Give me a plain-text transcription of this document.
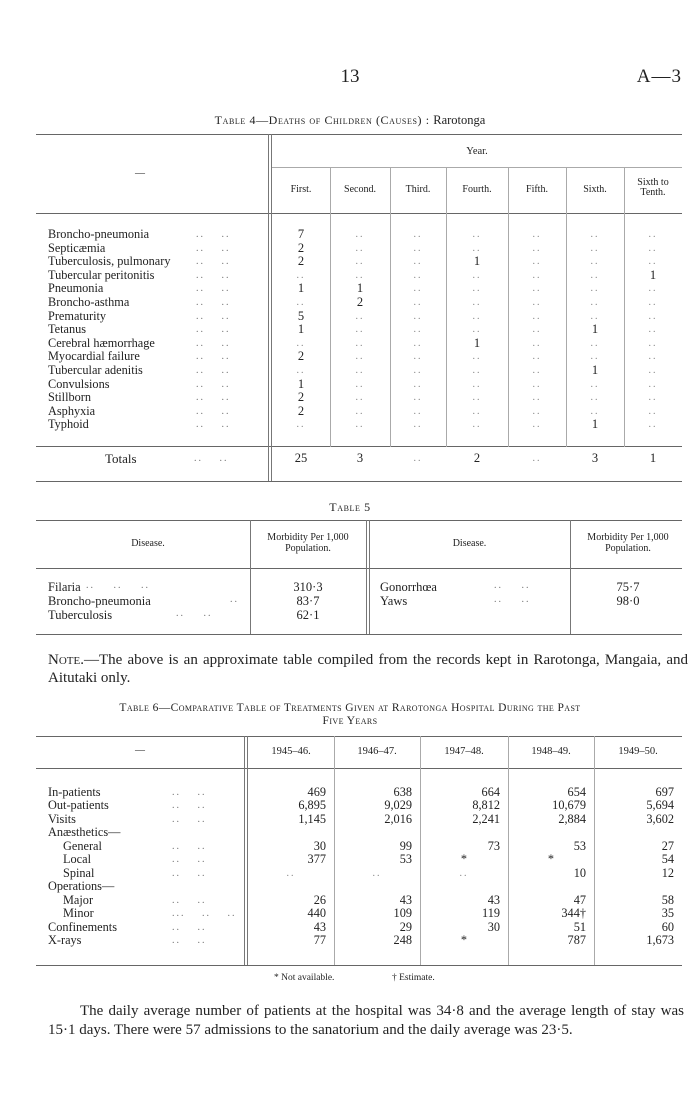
13	A—3
Table 4—Deaths of Children (Causes) : Rarotonga
Year.
—
First.	Second.	Third.	Fourth.	Fifth.	Sixth.
Sixth to Tenth.
Broncho-pneumonia	.. ..	7	..	..	..	..	..	..
Septicæmia	.. ..	2	..	..	..	..	..	..
Tuberculosis, pulmonary	.. ..	2	..	..	1	..	..	..
Tubercular peritonitis	.. ..	..	..	..	..	..	..	1
Pneumonia	.. ..	1	1	..	..	..	..	..
Broncho-asthma	.. ..	..	2	..	..	..	..	..
Prematurity	.. ..	5	..	..	..	..	..	..
Tetanus	.. ..	1	..	..	..	..	1	..
Cerebral hæmorrhage	.. ..	..	..	..	1	..	..	..
Myocardial failure	.. ..	2	..	..	..	..	..	..
Tubercular adenitis	.. ..	..	..	..	..	..	1	..
Convulsions	.. ..	1	..	..	..	..	..	..
Stillborn	.. ..	2	..	..	..	..	..	..
Asphyxia	.. ..	2	..	..	..	..	..	..
Typhoid	.. ..	..	..	..	..	..	1	..
Totals	.. ..	25	3	..	2	..	3	1
Table 5
Disease.
Morbidity Per 1,000 Population.	Disease.
Morbidity Per 1,000 Population.
Filaria .. .. ..	310·3
Broncho-pneumonia	..	83·7
Tuberculosis	.. ..	62·1
Gonorrhœa	.. ..	75·7
Yaws	.. ..	98·0
Note.—The above is an approximate table compiled from the records kept in Rarotonga, Mangaia, and Aitutaki only.
Table 6—Comparative Table of Treatments Given at Rarotonga Hospital During the Past
Five Years
—	1945–46.	1946–47.	1947–48.	1948–49.	1949–50.
In-patients	.. ..	469	638	664	654	697
Out-patients	.. ..	6,895	9,029	8,812	10,679	5,694
Visits	.. ..	1,145	2,016	2,241	2,884	3,602
Anæsthetics—
General	.. ..	30	99	73	53	27
Local	.. ..	377	53	*	*	54
Spinal	.. ..	..	..	..	10	12
Operations—
Major	.. ..	26	43	43	47	58
Minor	... .. ..	440	109	119	344†	35
Confinements	.. ..	43	29	30	51	60
X-rays	.. ..	77	248	*	787	1,673
* Not available.	† Estimate.
The daily average number of patients at the hospital was 34·8 and the average length of stay was 15·1 days. There were 57 admissions to the sanatorium and the daily average was 23·5.
